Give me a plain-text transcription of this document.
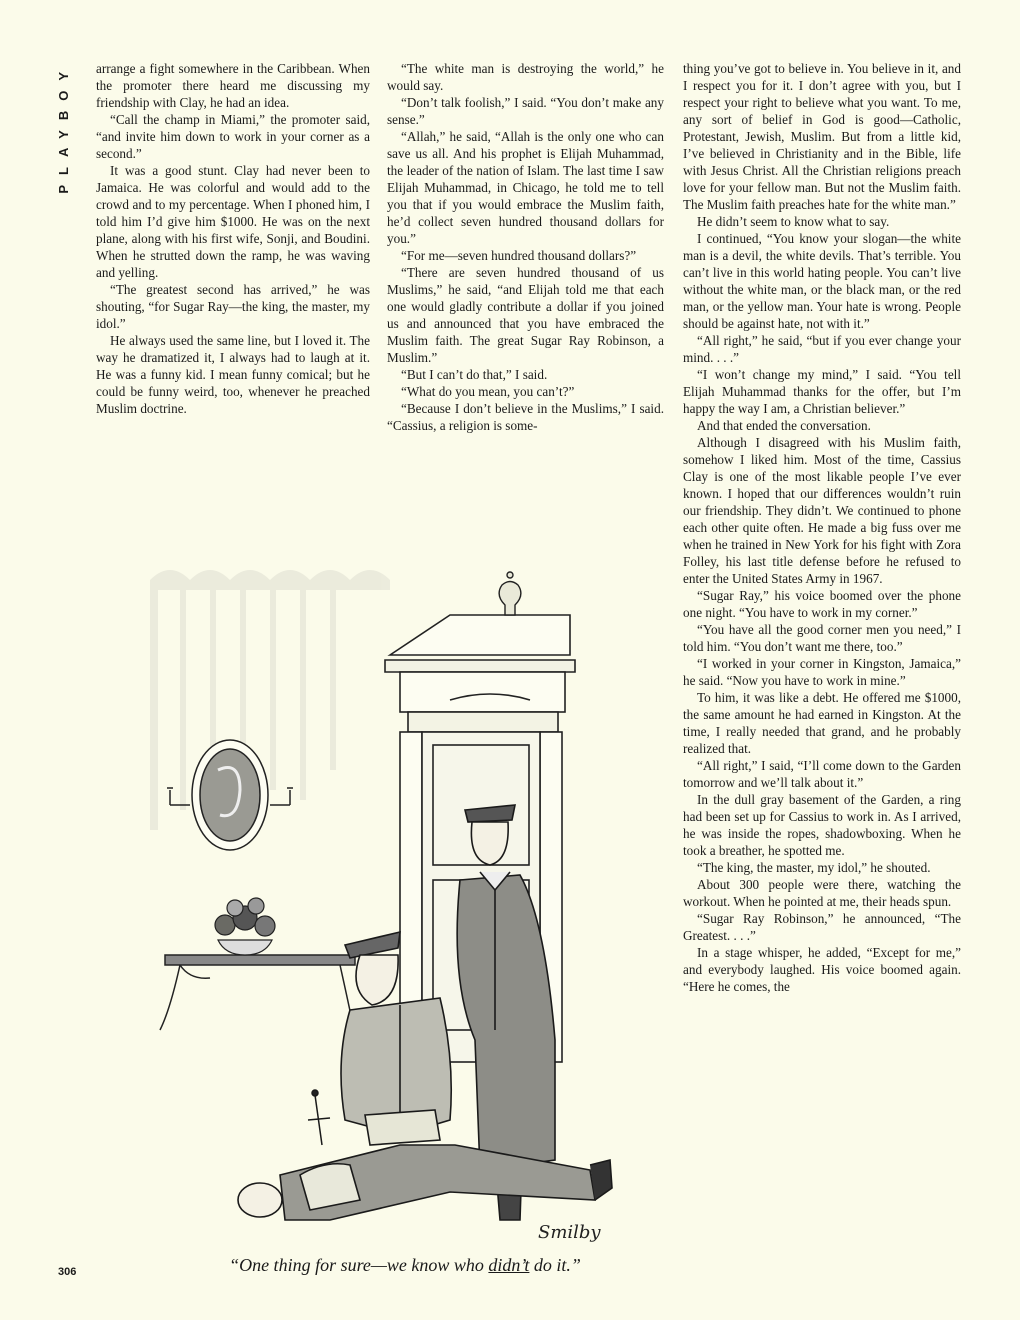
PLAYBOY	arrange a fight somewhere in the Caribbean. When the promoter there heard me discussing my friendship with Clay, he had an idea.

“Call the champ in Miami,” the promoter said, “and invite him down to work in your corner as a second.”

It was a good stunt. Clay had never been to Jamaica. He was colorful and would add to the crowd and to my percentage. When I phoned him, I told him I’d give him $1000. He was on the next plane, along with his first wife, Sonji, and Boudini. When he strutted down the ramp, he was waving and yelling.

“The greatest second has arrived,” he was shouting, “for Sugar Ray—the king, the master, my idol.”

He always used the same line, but I loved it. The way he dramatized it, I always had to laugh at it. He was a funny kid. I mean funny comical; but he could be funny weird, too, whenever he preached Muslim doctrine.

“The white man is destroying the world,” he would say.

“Don’t talk foolish,” I said. “You don’t make any sense.”

“Allah,” he said, “Allah is the only one who can save us all. And his prophet is Elijah Muhammad, the leader of the nation of Islam. The last time I saw Elijah Muhammad, in Chicago, he told me to tell you that if you would embrace the Muslim faith, he’d collect seven hundred thousand dollars for you.”

“For me—seven hundred thousand dollars?”

“There are seven hundred thousand of us Muslims,” he said, “and Elijah told me that each one would gladly contribute a dollar if you joined us and announced that you have embraced the Muslim faith. The great Sugar Ray Robinson, a Muslim.”

“But I can’t do that,” I said.

“What do you mean, you can’t?”

“Because I don’t believe in the Muslims,” I said. “Cassius, a religion is some-

thing you’ve got to believe in. You believe in it, and I respect you for it. I don’t agree with you, but I respect your right to believe what you want. To me, any sort of belief in God is good—Catholic, Protestant, Jewish, Muslim. But from a little kid, I’ve believed in Christianity and in the Bible, life with Jesus Christ. All the Christian religions preach love for your fellow man. But not the Muslim faith. The Muslim faith preaches hate for the white man.”

He didn’t seem to know what to say.

I continued, “You know your slogan—the white man is a devil, the white devils. That’s terrible. You can’t live in this world hating people. You can’t live without the white man, or the black man, or the red man, or the yellow man. Your hate is wrong. People should be against hate, not with it.”

“All right,” he said, “but if you ever change your mind. . . .”

“I won’t change my mind,” I said. “You tell Elijah Muhammad thanks for the offer, but I’m happy the way I am, a Christian believer.”

And that ended the conversation.

Although I disagreed with his Muslim faith, somehow I liked him. Most of the time, Cassius Clay is one of the most likable people I’ve ever known. I hoped that our differences wouldn’t ruin our friendship. They didn’t. We continued to phone each other quite often. He made a big fuss over me when he trained in New York for his fight with Zora Folley, his last title defense before he refused to enter the United States Army in 1967.

“Sugar Ray,” his voice boomed over the phone one night. “You have to work in my corner.”

“You have all the good corner men you need,” I told him. “You don’t want me there, too.”

“I worked in your corner in Kingston, Jamaica,” he said. “Now you have to work in mine.”

To him, it was like a debt. He offered me $1000, the same amount he had earned in Kingston. At the time, I really needed that grand, and he probably realized that.

“All right,” I said, “I’ll come down to the Garden tomorrow and we’ll talk about it.”

In the dull gray basement of the Garden, a ring had been set up for Cassius to work in. As I arrived, he was inside the ropes, shadowboxing. When he took a breather, he spotted me.

“The king, the master, my idol,” he shouted.

About 300 people were there, watching the workout. When he pointed at me, their heads spun.

“Sugar Ray Robinson,” he announced, “The Greatest. . . .”

In a stage whisper, he added, “Except for me,” and everybody laughed. His voice boomed again. “Here he comes, the

Smilby
“One thing for sure—we know who didn’t do it.”
306
